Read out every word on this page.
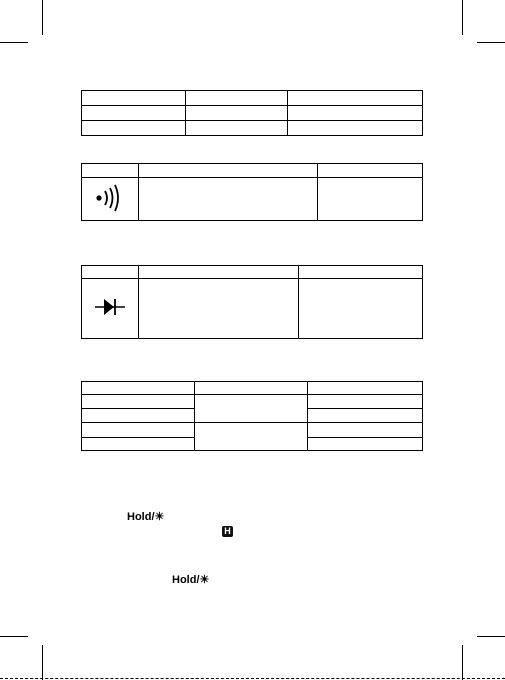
Hold/☀
H
Hold/☀
